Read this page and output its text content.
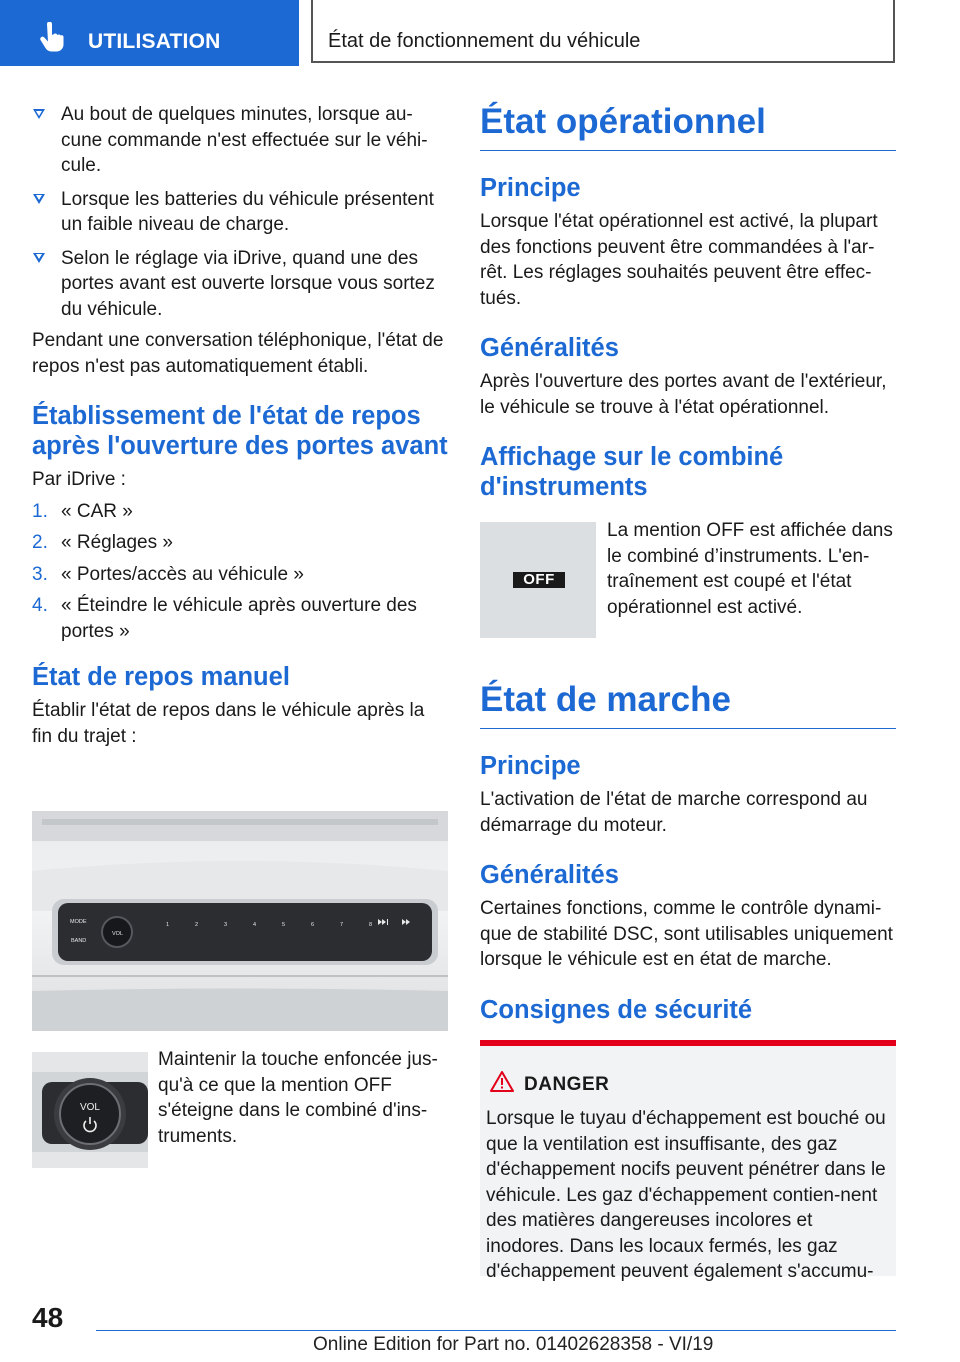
UTILISATION	État de fonctionnement du véhicule
Au bout de quelques minutes, lorsque au-cune commande n'est effectuée sur le véhi-cule.
Lorsque les batteries du véhicule présentent un faible niveau de charge.
Selon le réglage via iDrive, quand une des portes avant est ouverte lorsque vous sortez du véhicule.

Pendant une conversation téléphonique, l'état de repos n'est pas automatiquement établi.

Établissement de l'état de repos après l'ouverture des portes avant

Par iDrive :

1. « CAR »
2. « Réglages »
3. « Portes/accès au véhicule »
4. « Éteindre le véhicule après ouverture des portes »
État de repos manuel

Établir l'état de repos dans le véhicule après la fin du trajet :

MODE
BAND
VOL
1	2	3	4	5	6	7	8
VOL
Maintenir la touche enfoncée jus-qu'à ce que la mention OFF s'éteigne dans le combiné d'ins-truments.
État opérationnel
Principe

Lorsque l'état opérationnel est activé, la plupart des fonctions peuvent être commandées à l'ar-rêt. Les réglages souhaités peuvent être effec-tués.

Généralités

Après l'ouverture des portes avant de l'extérieur, le véhicule se trouve à l'état opérationnel.

Affichage sur le combiné d'instruments
OFF
La mention OFF est affichée dans le combiné d’instruments. L'en-traînement est coupé et l'état opérationnel est activé.
État de marche
Principe

L'activation de l'état de marche correspond au démarrage du moteur.

Généralités

Certaines fonctions, comme le contrôle dynami-que de stabilité DSC, sont utilisables uniquement lorsque le véhicule est en état de marche.

Consignes de sécurité
DANGER
Lorsque le tuyau d'échappement est bouché ou que la ventilation est insuffisante, des gaz d'échappement nocifs peuvent pénétrer dans le véhicule. Les gaz d'échappement contien-nent des matières dangereuses incolores et inodores. Dans les locaux fermés, les gaz d'échappement peuvent également s'accumu-
48
Online Edition for Part no. 01402628358 - VI/19
